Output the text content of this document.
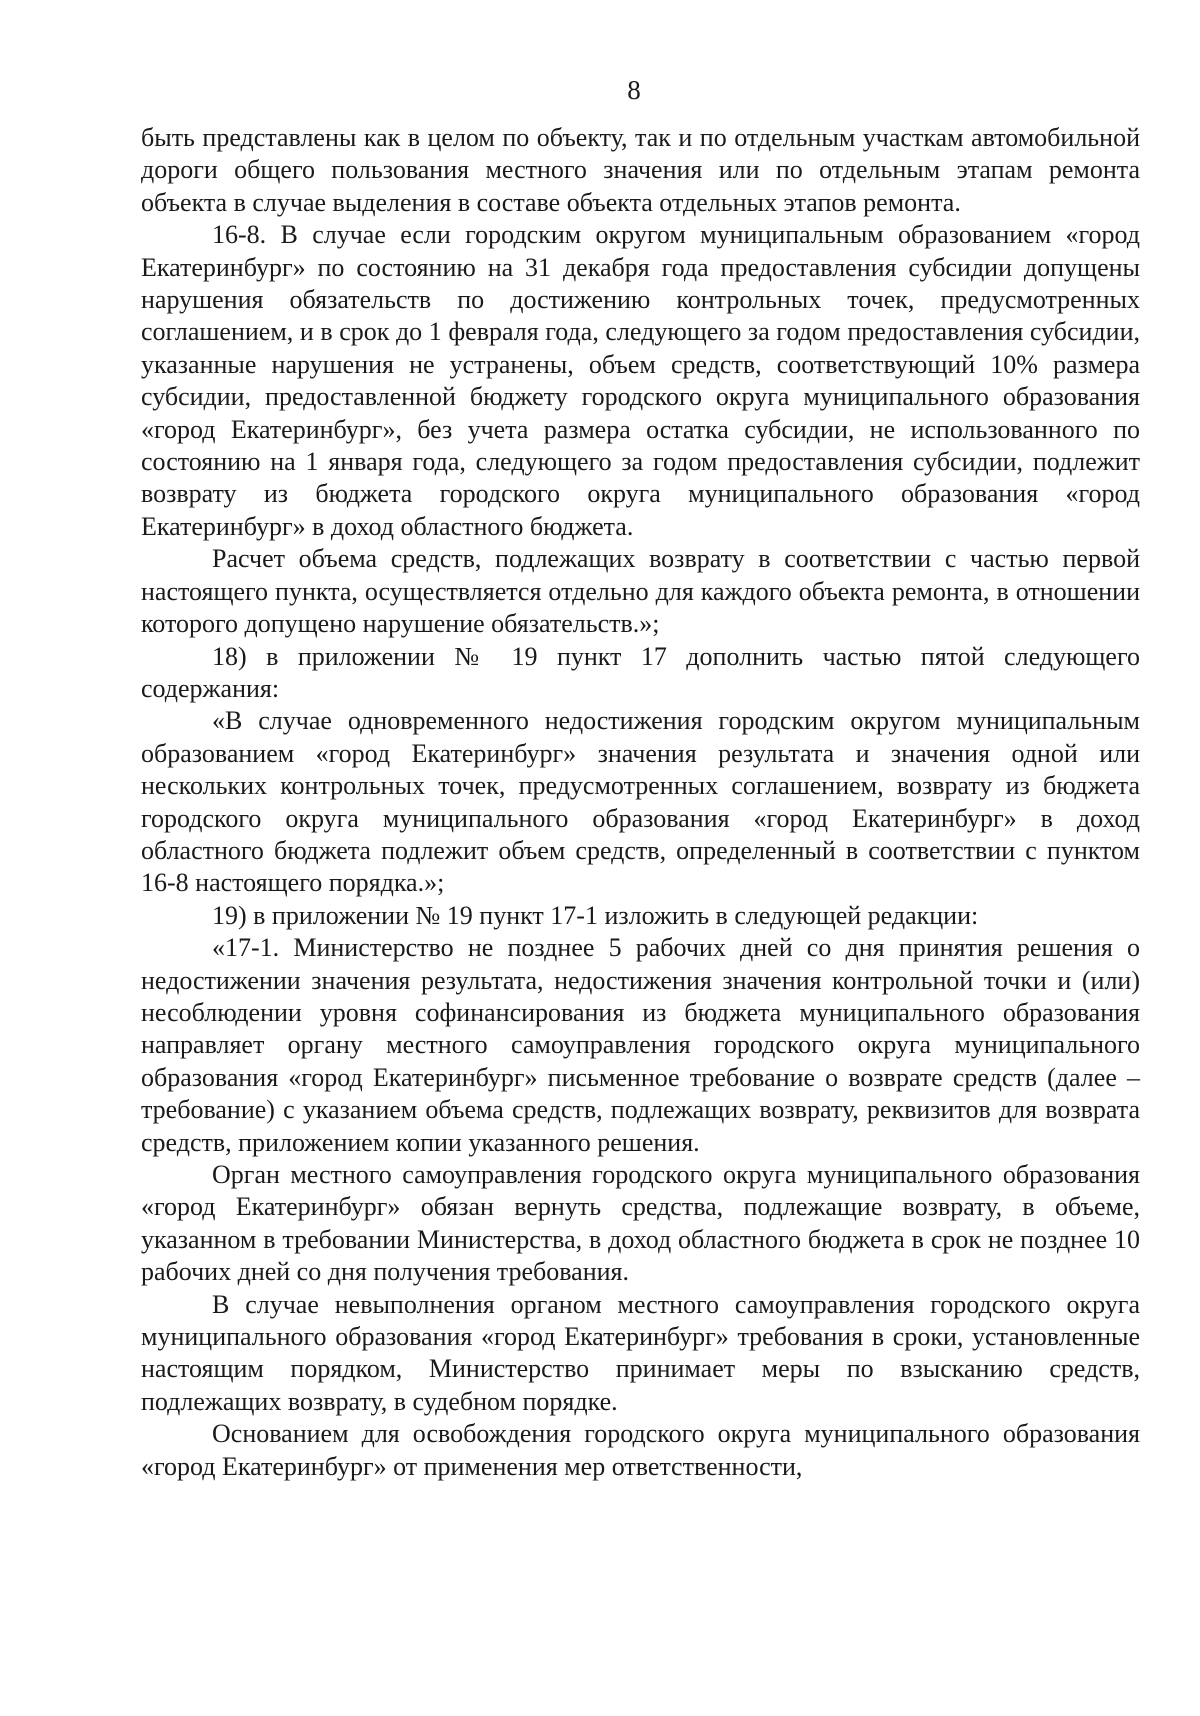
8

быть представлены как в целом по объекту, так и по отдельным участкам автомобильной дороги общего пользования местного значения или по отдельным этапам ремонта объекта в случае выделения в составе объекта отдельных этапов ремонта.

16-8. В случае если городским округом муниципальным образованием «город Екатеринбург» по состоянию на 31 декабря года предоставления субсидии допущены нарушения обязательств по достижению контрольных точек, предусмотренных соглашением, и в срок до 1 февраля года, следующего за годом предоставления субсидии, указанные нарушения не устранены, объем средств, соответствующий 10% размера субсидии, предоставленной бюджету городского округа муниципального образования «город Екатеринбург», без учета размера остатка субсидии, не использованного по состоянию на 1 января года, следующего за годом предоставления субсидии, подлежит возврату из бюджета городского округа муниципального образования «город Екатеринбург» в доход областного бюджета.

Расчет объема средств, подлежащих возврату в соответствии с частью первой настоящего пункта, осуществляется отдельно для каждого объекта ремонта, в отношении которого допущено нарушение обязательств.»;

18) в приложении № 19 пункт 17 дополнить частью пятой следующего содержания:

«В случае одновременного недостижения городским округом муниципальным образованием «город Екатеринбург» значения результата и значения одной или нескольких контрольных точек, предусмотренных соглашением, возврату из бюджета городского округа муниципального образования «город Екатеринбург» в доход областного бюджета подлежит объем средств, определенный в соответствии с пунктом 16-8 настоящего порядка.»;

19) в приложении № 19 пункт 17-1 изложить в следующей редакции:

«17-1. Министерство не позднее 5 рабочих дней со дня принятия решения о недостижении значения результата, недостижения значения контрольной точки и (или) несоблюдении уровня софинансирования из бюджета муниципального образования направляет органу местного самоуправления городского округа муниципального образования «город Екатеринбург» письменное требование о возврате средств (далее – требование) с указанием объема средств, подлежащих возврату, реквизитов для возврата средств, приложением копии указанного решения.

Орган местного самоуправления городского округа муниципального образования «город Екатеринбург» обязан вернуть средства, подлежащие возврату, в объеме, указанном в требовании Министерства, в доход областного бюджета в срок не позднее 10 рабочих дней со дня получения требования.

В случае невыполнения органом местного самоуправления городского округа муниципального образования «город Екатеринбург» требования в сроки, установленные настоящим порядком, Министерство принимает меры по взысканию средств, подлежащих возврату, в судебном порядке.

Основанием для освобождения городского округа муниципального образования «город Екатеринбург» от применения мер ответственности,
